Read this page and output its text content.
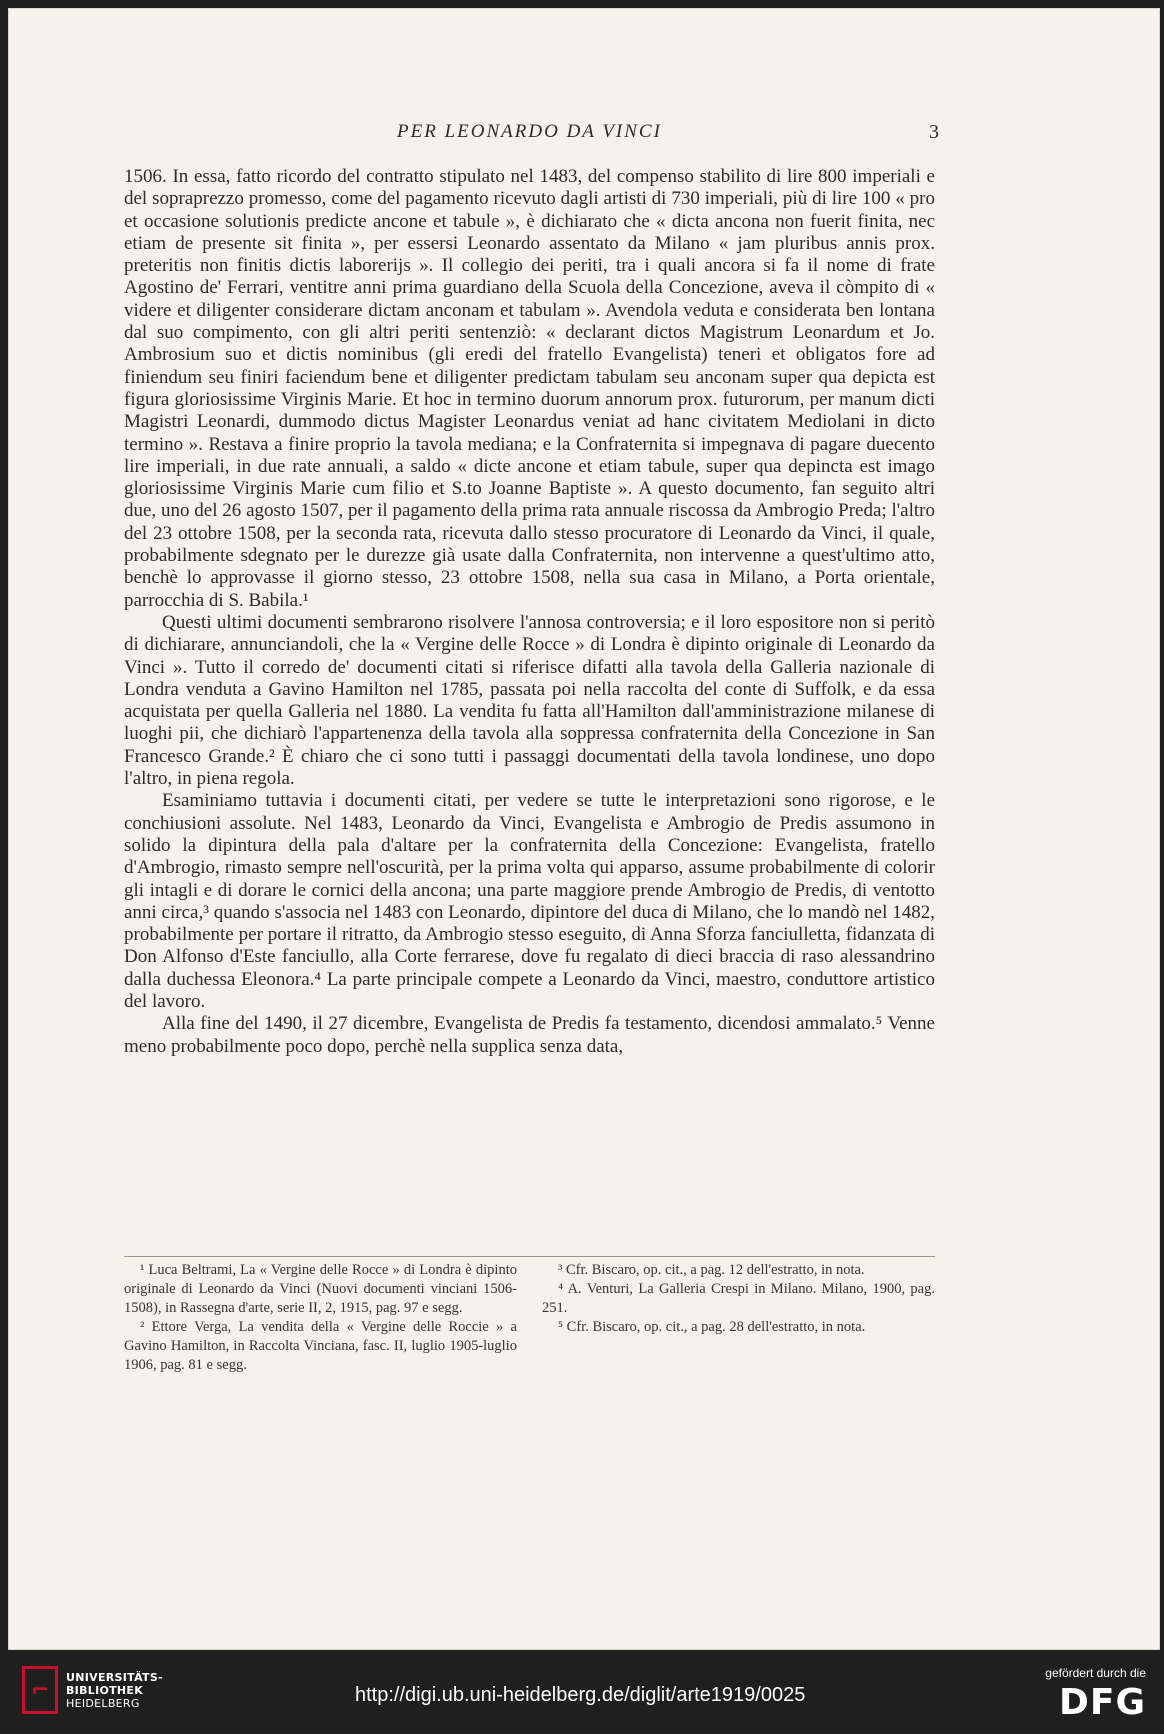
PER LEONARDO DA VINCI	3

1506. In essa, fatto ricordo del contratto stipulato nel 1483, del compenso stabilito di lire 800 imperiali e del sopraprezzo promesso, come del pagamento ricevuto dagli artisti di 730 imperiali, più di lire 100 « pro et occasione solutionis predicte ancone et tabule », è dichiarato che « dicta ancona non fuerit finita, nec etiam de presente sit finita », per essersi Leonardo assentato da Milano « jam pluribus annis prox. preteritis non finitis dictis laborerijs ». Il collegio dei periti, tra i quali ancora si fa il nome di frate Agostino de' Ferrari, ventitre anni prima guardiano della Scuola della Concezione, aveva il còmpito di « videre et diligenter considerare dictam anconam et tabulam ». Avendola veduta e considerata ben lontana dal suo compimento, con gli altri periti sentenziò: « declarant dictos Magistrum Leonardum et Jo. Ambrosium suo et dictis nominibus (gli eredi del fratello Evangelista) teneri et obligatos fore ad finiendum seu finiri faciendum bene et diligenter predictam tabulam seu anconam super qua depicta est figura gloriosissime Virginis Marie. Et hoc in termino duorum annorum prox. futurorum, per manum dicti Magistri Leonardi, dummodo dictus Magister Leonardus veniat ad hanc civitatem Mediolani in dicto termino ». Restava a finire proprio la tavola mediana; e la Confraternita si impegnava di pagare duecento lire imperiali, in due rate annuali, a saldo « dicte ancone et etiam tabule, super qua depincta est imago gloriosissime Virginis Marie cum filio et S.to Joanne Baptiste ». A questo documento, fan seguito altri due, uno del 26 agosto 1507, per il pagamento della prima rata annuale riscossa da Ambrogio Preda; l'altro del 23 ottobre 1508, per la seconda rata, ricevuta dallo stesso procuratore di Leonardo da Vinci, il quale, probabilmente sdegnato per le durezze già usate dalla Confraternita, non intervenne a quest'ultimo atto, benchè lo approvasse il giorno stesso, 23 ottobre 1508, nella sua casa in Milano, a Porta orientale, parrocchia di S. Babila.¹

Questi ultimi documenti sembrarono risolvere l'annosa controversia; e il loro espositore non si peritò di dichiarare, annunciandoli, che la « Vergine delle Rocce » di Londra è dipinto originale di Leonardo da Vinci ». Tutto il corredo de' documenti citati si riferisce difatti alla tavola della Galleria nazionale di Londra venduta a Gavino Hamilton nel 1785, passata poi nella raccolta del conte di Suffolk, e da essa acquistata per quella Galleria nel 1880. La vendita fu fatta all'Hamilton dall'amministrazione milanese di luoghi pii, che dichiarò l'appartenenza della tavola alla soppressa confraternita della Concezione in San Francesco Grande.² È chiaro che ci sono tutti i passaggi documentati della tavola londinese, uno dopo l'altro, in piena regola.

Esaminiamo tuttavia i documenti citati, per vedere se tutte le interpretazioni sono rigorose, e le conchiusioni assolute. Nel 1483, Leonardo da Vinci, Evangelista e Ambrogio de Predis assumono in solido la dipintura della pala d'altare per la confraternita della Concezione: Evangelista, fratello d'Ambrogio, rimasto sempre nell'oscurità, per la prima volta qui apparso, assume probabilmente di colorir gli intagli e di dorare le cornici della ancona; una parte maggiore prende Ambrogio de Predis, di ventotto anni circa,³ quando s'associa nel 1483 con Leonardo, dipintore del duca di Milano, che lo mandò nel 1482, probabilmente per portare il ritratto, da Ambrogio stesso eseguito, di Anna Sforza fanciulletta, fidanzata di Don Alfonso d'Este fanciullo, alla Corte ferrarese, dove fu regalato di dieci braccia di raso alessandrino dalla duchessa Eleonora.⁴ La parte principale compete a Leonardo da Vinci, maestro, conduttore artistico del lavoro.

Alla fine del 1490, il 27 dicembre, Evangelista de Predis fa testamento, dicendosi ammalato.⁵ Venne meno probabilmente poco dopo, perchè nella supplica senza data,

¹ Luca Beltrami, La « Vergine delle Rocce » di Londra è dipinto originale di Leonardo da Vinci (Nuovi documenti vinciani 1506-1508), in Rassegna d'arte, serie II, 2, 1915, pag. 97 e segg.

² Ettore Verga, La vendita della « Vergine delle Roccie » a Gavino Hamilton, in Raccolta Vinciana, fasc. II, luglio 1905-luglio 1906, pag. 81 e segg.

³ Cfr. Biscaro, op. cit., a pag. 12 dell'estratto, in nota.

⁴ A. Venturi, La Galleria Crespi in Milano. Milano, 1900, pag. 251.

⁵ Cfr. Biscaro, op. cit., a pag. 28 dell'estratto, in nota.

⌐	UNIVERSITÄTS-
BIBLIOTHEK
HEIDELBERG	http://digi.ub.uni-heidelberg.de/diglit/arte1919/0025
gefördert durch die
DFG
